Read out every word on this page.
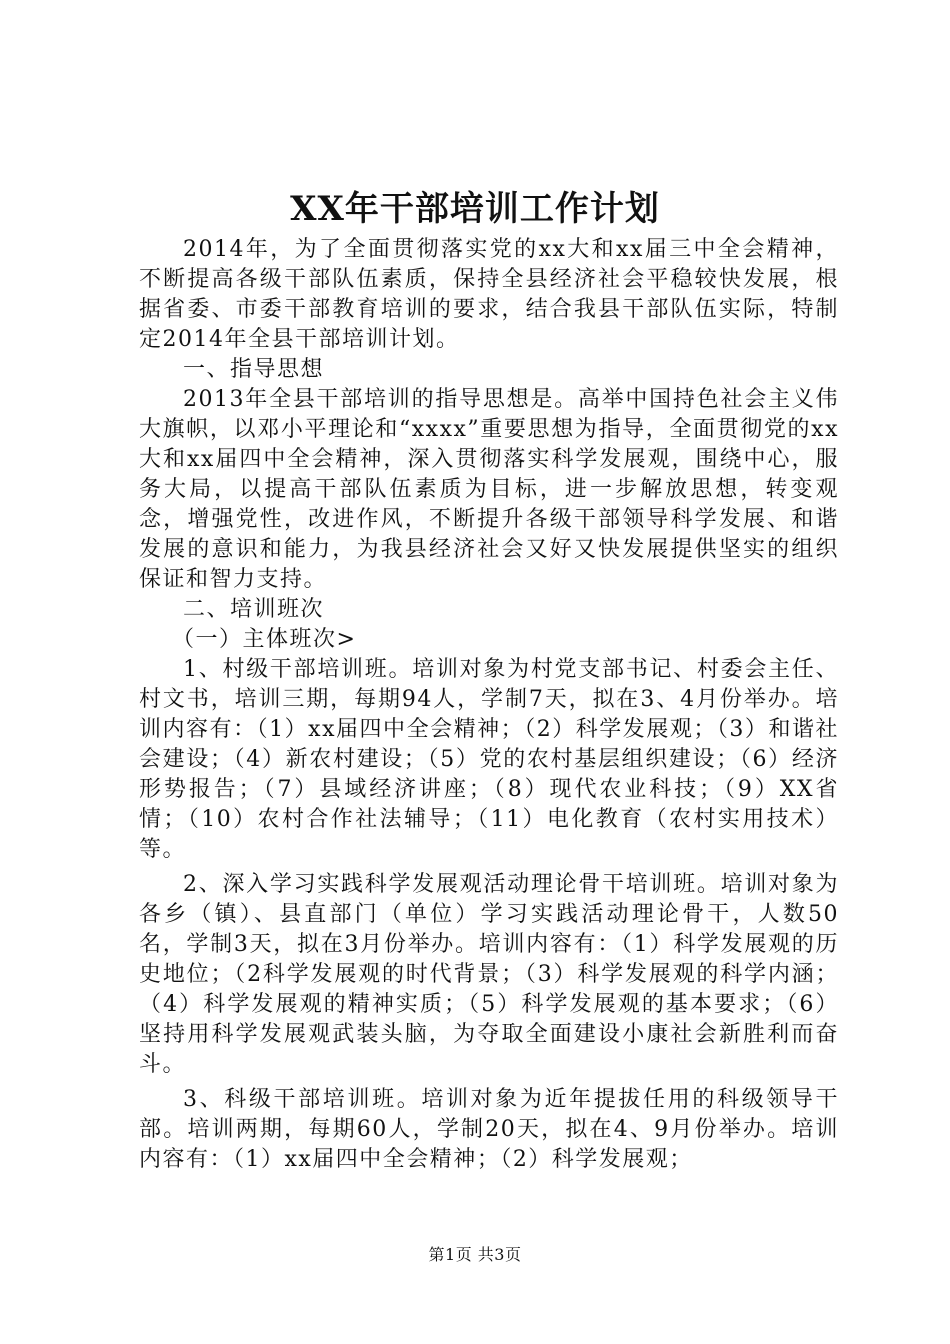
XX年干部培训工作计划

2014年，为了全面贯彻落实党的xx大和xx届三中全会精神，不断提高各级干部队伍素质，保持全县经济社会平稳较快发展，根据省委、市委干部教育培训的要求，结合我县干部队伍实际，特制定2014年全县干部培训计划。

一、指导思想

2013年全县干部培训的指导思想是。高举中国持色社会主义伟大旗帜，以邓小平理论和“xxxx”重要思想为指导，全面贯彻党的xx大和xx届四中全会精神，深入贯彻落实科学发展观，围绕中心，服务大局，以提高干部队伍素质为目标，进一步解放思想，转变观念，增强党性，改进作风，不断提升各级干部领导科学发展、和谐发展的意识和能力，为我县经济社会又好又快发展提供坚实的组织保证和智力支持。

二、培训班次

（一）主体班次>

1、村级干部培训班。培训对象为村党支部书记、村委会主任、村文书，培训三期，每期94人，学制7天，拟在3、4月份举办。培训内容有：（1）xx届四中全会精神；（2）科学发展观；（3）和谐社会建设；（4）新农村建设；（5）党的农村基层组织建设；（6）经济形势报告；（7）县域经济讲座；（8）现代农业科技；（9）XX省情；（10）农村合作社法辅导；（11）电化教育（农村实用技术）等。

2、深入学习实践科学发展观活动理论骨干培训班。培训对象为各乡（镇）、县直部门（单位）学习实践活动理论骨干，人数50名，学制3天，拟在3月份举办。培训内容有：（1）科学发展观的历史地位；（2科学发展观的时代背景；（3）科学发展观的科学内涵；（4）科学发展观的精神实质；（5）科学发展观的基本要求；（6）坚持用科学发展观武装头脑，为夺取全面建设小康社会新胜利而奋斗。

3、科级干部培训班。培训对象为近年提拔任用的科级领导干部。培训两期，每期60人，学制20天，拟在4、9月份举办。培训内容有：（1）xx届四中全会精神；（2）科学发展观；

第1页 共3页
